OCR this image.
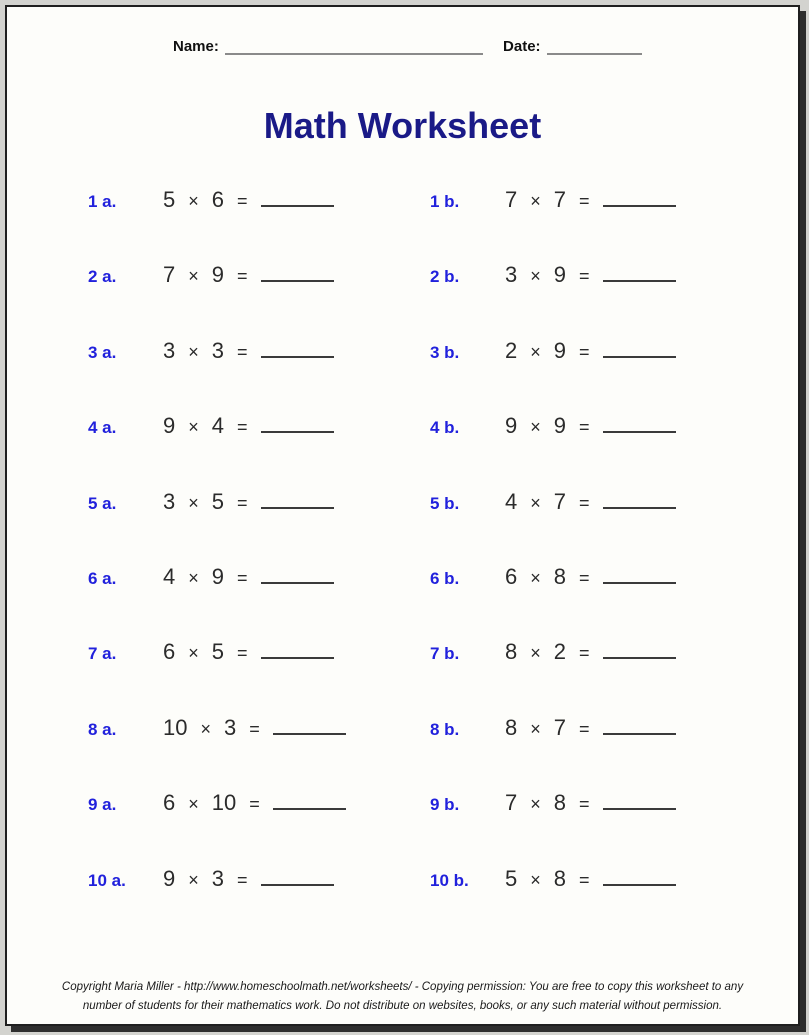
Name:	Date:
Math Worksheet
1 a.	5 × 6 =	1 b.	7 × 7 =
2 a.	7 × 9 =	2 b.	3 × 9 =
3 a.	3 × 3 =	3 b.	2 × 9 =
4 a.	9 × 4 =	4 b.	9 × 9 =
5 a.	3 × 5 =	5 b.	4 × 7 =
6 a.	4 × 9 =	6 b.	6 × 8 =
7 a.	6 × 5 =	7 b.	8 × 2 =
8 a.	10 × 3 =	8 b.	8 × 7 =
9 a.	6 × 10 =	9 b.	7 × 8 =
10 a.	9 × 3 =	10 b.	5 × 8 =
Copyright Maria Miller - http://www.homeschoolmath.net/worksheets/ - Copying permission: You are free to copy this worksheet to any
number of students for their mathematics work. Do not distribute on websites, books, or any such material without permission.
